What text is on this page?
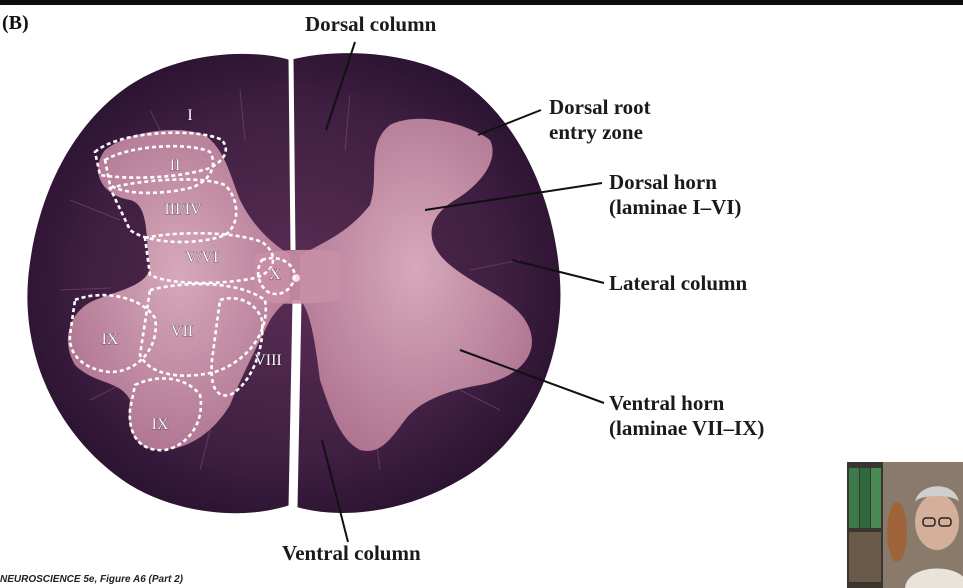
(B)
I
II
III/IV
V/VI
X
VII
VIII
IX
IX
Dorsal column
Dorsal root
entry zone
Dorsal horn
(laminae I–VI)
Lateral column
Ventral horn
(laminae VII–IX)
Ventral column
NEUROSCIENCE 5e, Figure A6 (Part 2)
